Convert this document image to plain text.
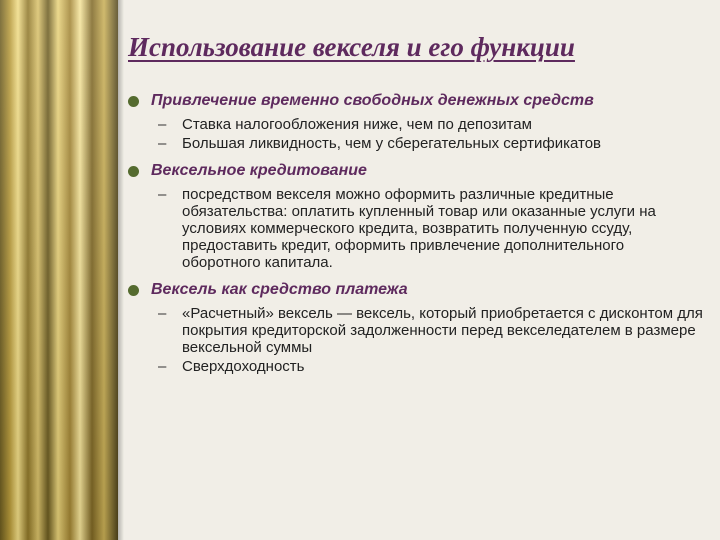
Использование векселя и его функции
Привлечение временно свободных денежных средств
–	Ставка налогообложения ниже, чем по депозитам
–	Большая ликвидность, чем у сберегательных сертификатов
Вексельное кредитование
–	посредством векселя можно оформить различные кредитные обязательства: оплатить купленный товар или оказанные услуги на условиях коммерческого кредита, возвратить полученную ссуду, предоставить кредит, оформить привлечение дополнительного оборотного капитала.
Вексель как средство платежа
–	«Расчетный» вексель — вексель, который приобретается с дисконтом для покрытия кредиторской задолженности перед векселедателем в размере вексельной суммы
–	Сверхдоходность
